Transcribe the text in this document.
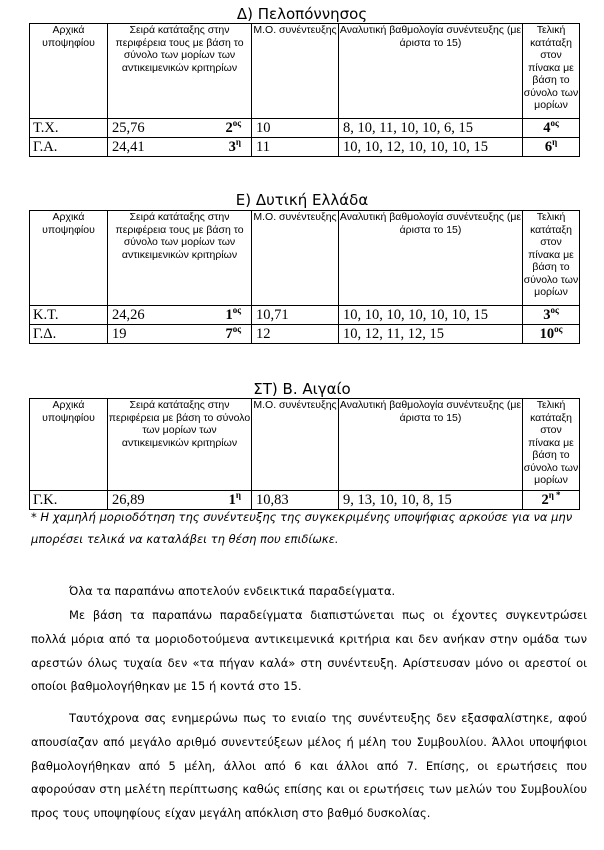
Δ) Πελοπόννησος
Αρχικά υποψηφίου	Σειρά κατάταξης στην περιφέρεια τους με βάση το σύνολο των μορίων των αντικειμενικών κριτηρίων	Μ.Ο. συνέντευξης	Αναλυτική βαθμολογία συνέντευξης (με άριστα το 15)	Τελική κατάταξη στον πίνακα με βάση το σύνολο των μορίων
Τ.Χ.	25,76 $2^{o\varsigma}$	10	8, 10, 11, 10, 10, 6, 15	$4^{o\varsigma}$
Γ.Α.	24,41 $3^\eta$	11	10, 10, 12, 10, 10, 10, 15	$6^\eta$
Ε) Δυτική Ελλάδα
Αρχικά υποψηφίου	Σειρά κατάταξης στην περιφέρεια τους με βάση το σύνολο των μορίων των αντικειμενικών κριτηρίων	Μ.Ο. συνέντευξης	Αναλυτική βαθμολογία συνέντευξης (με άριστα το 15)	Τελική κατάταξη στον πίνακα με βάση το σύνολο των μορίων
Κ.Τ.	24,26 $1^{o\varsigma}$	10,71	10, 10, 10, 10, 10, 10, 15	$3^{o\varsigma}$
Γ.Δ.	19 $7^{o\varsigma}$	12	10, 12, 11, 12, 15	$10^{o\varsigma}$
ΣΤ) Β. Αιγαίο
Αρχικά υποψηφίου	Σειρά κατάταξης στην περιφέρεια με βάση το σύνολο των μορίων των αντικειμενικών κριτηρίων	Μ.Ο. συνέντευξης	Αναλυτική βαθμολογία συνέντευξης (με άριστα το 15)	Τελική κατάταξη στον πίνακα με βάση το σύνολο των μορίων
Γ.Κ.	26,89 $1^\eta$	10,83	9, 13, 10, 10, 8, 15	$2^{\eta *}$
* Η χαμηλή μοριοδότηση της συνέντευξης της συγκεκριμένης υποψήφιας αρκούσε για να μην μπορέσει τελικά να καταλάβει τη θέση που επιδίωκε.

Όλα τα παραπάνω αποτελούν ενδεικτικά παραδείγματα.

Με βάση τα παραπάνω παραδείγματα διαπιστώνεται πως οι έχοντες συγκεντρώσει πολλά μόρια από τα μοριοδοτούμενα αντικειμενικά κριτήρια και δεν ανήκαν στην ομάδα των αρεστών όλως τυχαία δεν «τα πήγαν καλά» στη συνέντευξη. Αρίστευσαν μόνο οι αρεστοί οι οποίοι βαθμολογήθηκαν με 15 ή κοντά στο 15.

Ταυτόχρονα σας ενημερώνω πως το ενιαίο της συνέντευξης δεν εξασφαλίστηκε, αφού απουσίαζαν από μεγάλο αριθμό συνεντεύξεων μέλος ή μέλη του Συμβουλίου. Άλλοι υποψήφιοι βαθμολογήθηκαν από 5 μέλη, άλλοι από 6 και άλλοι από 7. Επίσης, οι ερωτήσεις που αφορούσαν στη μελέτη περίπτωσης καθώς επίσης και οι ερωτήσεις των μελών του Συμβουλίου προς τους υποψηφίους είχαν μεγάλη απόκλιση στο βαθμό δυσκολίας.
